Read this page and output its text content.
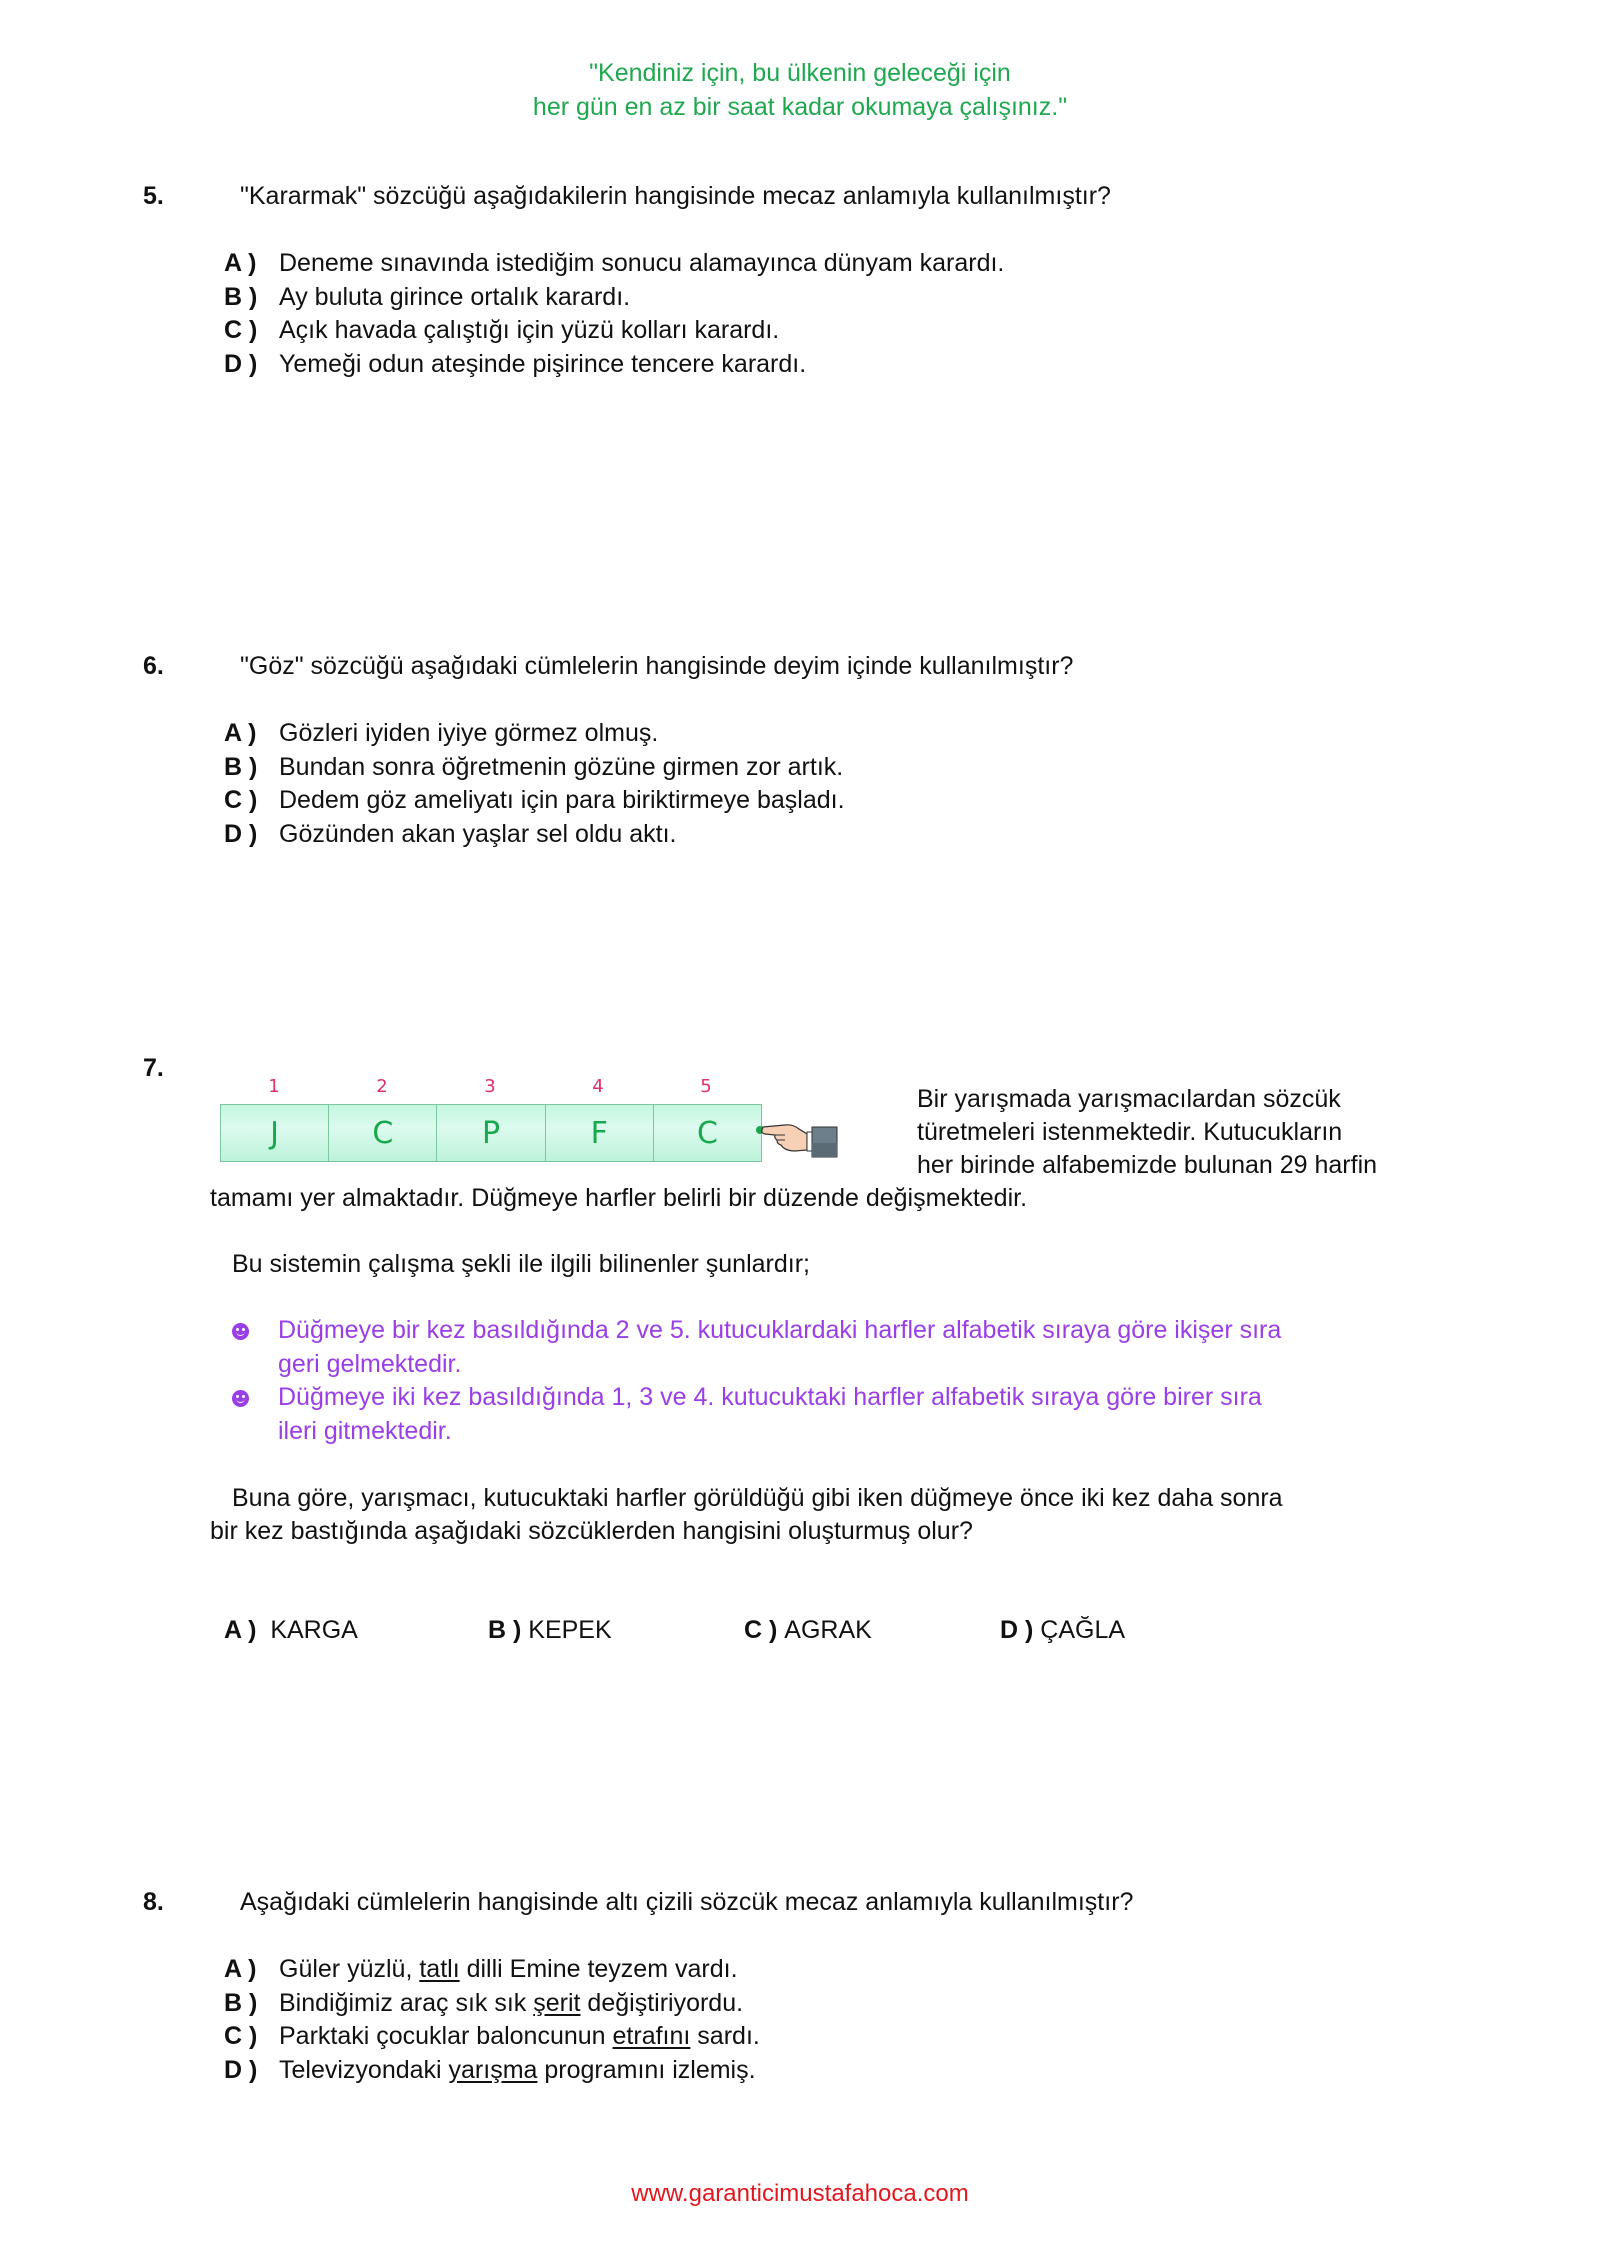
"Kendiniz için, bu ülkenin geleceği için
her gün en az bir saat kadar okumaya çalışınız."
5.	"Kararmak" sözcüğü aşağıdakilerin hangisinde mecaz anlamıyla kullanılmıştır?
A ) Deneme sınavında istediğim sonucu alamayınca dünyam karardı.
B ) Ay buluta girince ortalık karardı.
C ) Açık havada çalıştığı için yüzü kolları karardı.
D ) Yemeği odun ateşinde pişirince tencere karardı.
6.	"Göz" sözcüğü aşağıdaki cümlelerin hangisinde deyim içinde kullanılmıştır?
A ) Gözleri iyiden iyiye görmez olmuş.
B ) Bundan sonra öğretmenin gözüne girmen zor artık.
C ) Dedem göz ameliyatı için para biriktirmeye başladı.
D ) Gözünden akan yaşlar sel oldu aktı.
7.
1	2	3	4	5
J	C	P	F	C
Bir yarışmada yarışmacılardan sözcük
türetmeleri istenmektedir. Kutucukların
her birinde alfabemizde bulunan 29 harfin
tamamı yer almaktadır. Düğmeye harfler belirli bir düzende değişmektedir.
Bu sistemin çalışma şekli ile ilgili bilinenler şunlardır;
Düğmeye bir kez basıldığında 2 ve 5. kutucuklardaki harfler alfabetik sıraya göre ikişer sıra
geri gelmektedir.
Düğmeye iki kez basıldığında 1, 3 ve 4. kutucuktaki harfler alfabetik sıraya göre birer sıra
ileri gitmektedir.
Buna göre, yarışmacı, kutucuktaki harfler görüldüğü gibi iken düğmeye önce iki kez daha sonra
bir kez bastığında aşağıdaki sözcüklerden hangisini oluşturmuş olur?
A ) KARGA	B ) KEPEK	C ) AGRAK	D ) ÇAĞLA
8.	Aşağıdaki cümlelerin hangisinde altı çizili sözcük mecaz anlamıyla kullanılmıştır?
A ) Güler yüzlü, tatlı dilli Emine teyzem vardı.
B ) Bindiğimiz araç sık sık şerit değiştiriyordu.
C ) Parktaki çocuklar baloncunun etrafını sardı.
D ) Televizyondaki yarışma programını izlemiş.
www.garanticimustafahoca.com
